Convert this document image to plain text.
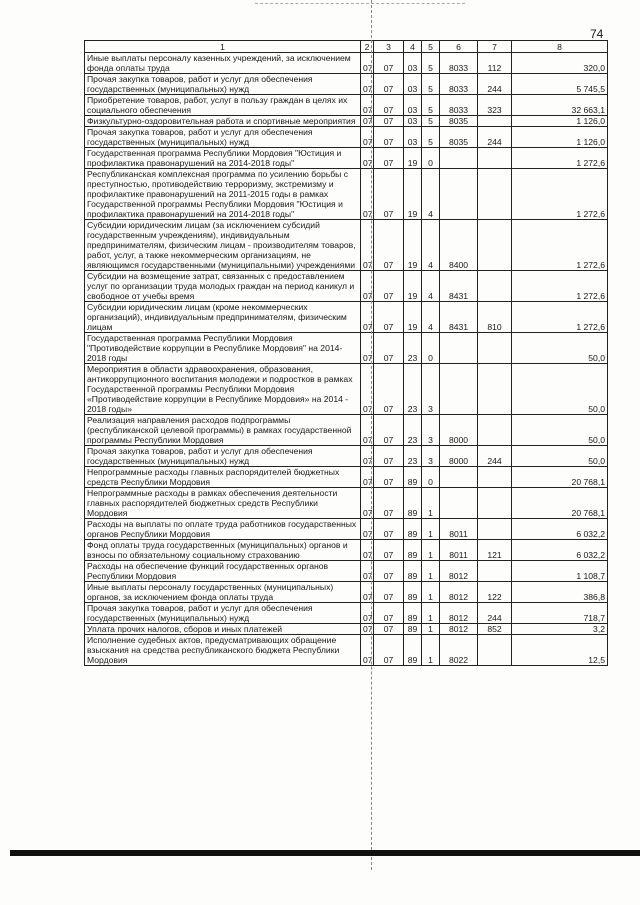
74
1	2	3	4	5	6	7	8
Иные выплаты персоналу казенных учреждений, за исключением фонда оплаты труда	07	07	03	5	8033	112	320,0
Прочая закупка товаров, работ и услуг для обеспечения государственных (муниципальных) нужд	07	07	03	5	8033	244	5 745,5
Приобретение товаров, работ, услуг в пользу граждан в целях их социального обеспечения	07	07	03	5	8033	323	32 663,1
Физкультурно-оздоровительная работа и спортивные мероприятия	07	07	03	5	8035		1 126,0
Прочая закупка товаров, работ и услуг для обеспечения государственных (муниципальных) нужд	07	07	03	5	8035	244	1 126,0
Государственная программа Республики Мордовия "Юстиция и профилактика правонарушений на 2014-2018 годы"	07	07	19	0			1 272,6
Республиканская комплексная программа по усилению борьбы с преступностью, противодействию терроризму, экстремизму и профилактике правонарушений на 2011-2015 годы в рамках Государственной программы Республики Мордовия "Юстиция и профилактика правонарушений на 2014-2018 годы"	07	07	19	4			1 272,6
Субсидии юридическим лицам (за исключением субсидий государственным учреждениям), индивидуальным предпринимателям, физическим лицам - производителям товаров, работ, услуг, а также некоммерческим организациям, не являющимся государственными (муниципальными) учреждениями	07	07	19	4	8400		1 272,6
Субсидии на возмещение затрат, связанных с предоставлением услуг по организации труда молодых граждан на период каникул и свободное от учебы время	07	07	19	4	8431		1 272,6
Субсидии юридическим лицам (кроме некоммерческих организаций), индивидуальным предпринимателям, физическим лицам	07	07	19	4	8431	810	1 272,6
Государственная программа Республики Мордовия "Противодействие коррупции в Республике Мордовия" на 2014-2018 годы	07	07	23	0			50,0
Мероприятия в области здравоохранения, образования, антикоррупционного воспитания молодежи и подростков в рамках Государственной программы Республики Мордовия «Противодействие коррупции в Республике Мордовия» на 2014 - 2018 годы»	07	07	23	3			50,0
Реализация направления расходов подпрограммы (республиканской целевой программы) в рамках государственной программы Республики Мордовия	07	07	23	3	8000		50,0
Прочая закупка товаров, работ и услуг для обеспечения государственных (муниципальных) нужд	07	07	23	3	8000	244	50,0
Непрограммные расходы главных распорядителей бюджетных средств Республики Мордовия	07	07	89	0			20 768,1
Непрограммные расходы в рамках обеспечения деятельности главных распорядителей бюджетных средств Республики Мордовия	07	07	89	1			20 768,1
Расходы на выплаты по оплате труда работников государственных органов Республики Мордовия	07	07	89	1	8011		6 032,2
Фонд оплаты труда государственных (муниципальных) органов и взносы по обязательному социальному страхованию	07	07	89	1	8011	121	6 032,2
Расходы на обеспечение функций государственных органов Республики Мордовия	07	07	89	1	8012		1 108,7
Иные выплаты персоналу государственных (муниципальных) органов, за исключением фонда оплаты труда	07	07	89	1	8012	122	386,8
Прочая закупка товаров, работ и услуг для обеспечения государственных (муниципальных) нужд	07	07	89	1	8012	244	718,7
Уплата прочих налогов, сборов и иных платежей	07	07	89	1	8012	852	3,2
Исполнение судебных актов, предусматривающих обращение взыскания на средства республиканского бюджета Республики Мордовия	07	07	89	1	8022		12,5
